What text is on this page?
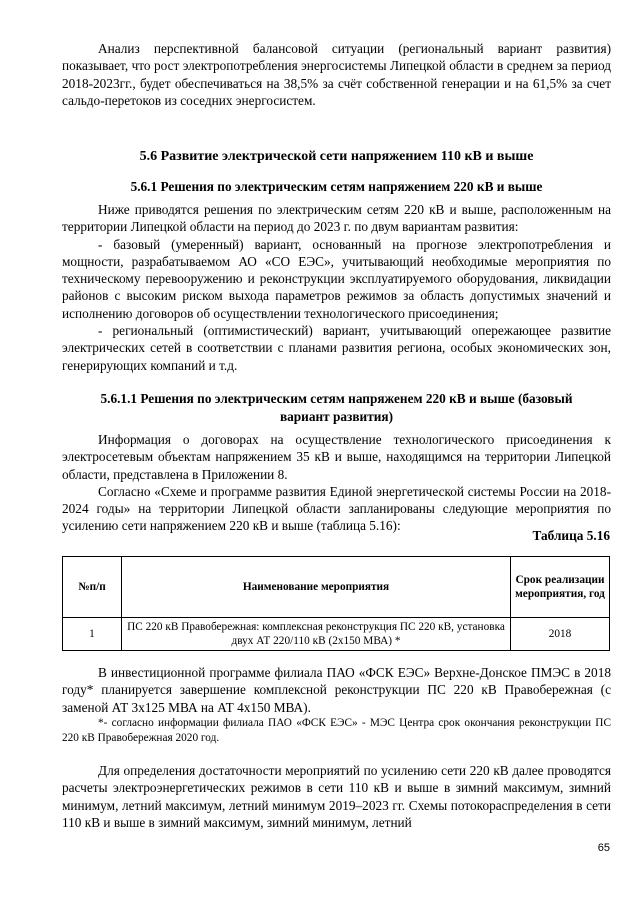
Анализ перспективной балансовой ситуации (региональный вариант развития) показывает, что рост электропотребления энергосистемы Липецкой области в среднем за период 2018-2023гг., будет обеспечиваться на 38,5% за счёт собственной генерации и на 61,5% за счет сальдо-перетоков из соседних энергосистем.

5.6 Развитие электрической сети напряжением 110 кВ и выше
5.6.1 Решения по электрическим сетям напряжением 220 кВ и выше

Ниже приводятся решения по электрическим сетям 220 кВ и выше, расположенным на территории Липецкой области на период до 2023 г. по двум вариантам развития:

- базовый (умеренный) вариант, основанный на прогнозе электропотребления и мощности, разрабатываемом АО «СО ЕЭС», учитывающий необходимые мероприятия по техническому перевооружению и реконструкции эксплуатируемого оборудования, ликвидации районов с высоким риском выхода параметров режимов за область допустимых значений и исполнению договоров об осуществлении технологического присоединения;

- региональный (оптимистический) вариант, учитывающий опережающее развитие электрических сетей в соответствии с планами развития региона, особых экономических зон, генерирующих компаний и т.д.

5.6.1.1 Решения по электрическим сетям напряженем 220 кВ и выше (базовый вариант развития)

Информация о договорах на осуществление технологического присоединения к электросетевым объектам напряжением 35 кВ и выше, находящимся на территории Липецкой области, представлена в Приложении 8.

Согласно «Схеме и программе развития Единой энергетической системы России на 2018-2024 годы» на территории Липецкой области запланированы следующие мероприятия по усилению сети напряжением 220 кВ и выше (таблица 5.16):

Таблица 5.16
№п/п	Наименование мероприятия	Срок реализации мероприятия, год
1	ПС 220 кВ Правобережная: комплексная реконструкция ПС 220 кВ, установка двух АТ 220/110 кВ (2х150 МВА) *	2018

В инвестиционной программе филиала ПАО «ФСК ЕЭС» Верхне-Донское ПМЭС в 2018 году* планируется завершение комплексной реконструкции ПС 220 кВ Правобережная (с заменой АТ 3х125 МВА на АТ 4х150 МВА).

*- согласно информации филиала ПАО «ФСК ЕЭС» - МЭС Центра срок окончания реконструкции ПС 220 кВ Правобережная 2020 год.

Для определения достаточности мероприятий по усилению сети 220 кВ далее проводятся расчеты электроэнергетических режимов в сети 110 кВ и выше в зимний максимум, зимний минимум, летний максимум, летний минимум 2019–2023 гг. Схемы потокораспределения в сети 110 кВ и выше в зимний максимум, зимний минимум, летний

65
